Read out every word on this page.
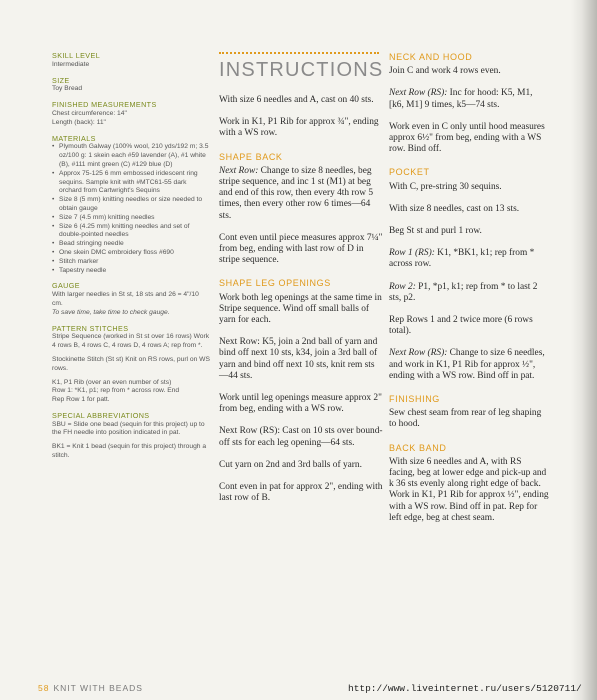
SKILL LEVEL
Intermediate
SIZE
Toy Bread
FINISHED MEASUREMENTS
Chest circumference: 14"
Length (back): 11"
MATERIALS
• Plymouth Galway (100% wool, 210 yds/192 m; 3.5 oz/100 g: 1 skein each #59 lavender (A), #1 white (B), #111 mint green (C) #129 blue (D)
• Approx 75-125 6 mm embossed iridescent ring sequins. Sample knit with #MTC61-55 dark orchard from Cartwright's Sequins
• Size 8 (5 mm) knitting needles or size needed to obtain gauge
• Size 7 (4.5 mm) knitting needles
• Size 6 (4.25 mm) knitting needles and set of double-pointed needles
• Bead stringing needle
• One skein DMC embroidery floss #690
• Stitch marker
• Tapestry needle
GAUGE
With larger needles in St st, 18 sts and 26 = 4"/10 cm.
To save time, take time to check gauge.
PATTERN STITCHES
Stripe Sequence (worked in St st over 16 rows) Work 4 rows B, 4 rows C, 4 rows D, 4 rows A; rep from *.
Stockinette Stitch (St st) Knit on RS rows, purl on WS rows.
K1, P1 Rib (over an even number of sts)
Row 1: *K1, p1; rep from * across row. End
Rep Row 1 for patt.
SPECIAL ABBREVIATIONS
SBU = Slide one bead (sequin for this project) up to the FH needle into position indicated in pat.
BK1 = Knit 1 bead (sequin for this project) through a stitch.
INSTRUCTIONS

With size 6 needles and A, cast on 40 sts.

Work in K1, P1 Rib for approx ¾", ending with a WS row.

SHAPE BACK

Next Row: Change to size 8 needles, beg stripe sequence, and inc 1 st (M1) at beg and end of this row, then every 4th row 5 times, then every other row 6 times—64 sts.

Cont even until piece measures approx 7¼" from beg, ending with last row of D in stripe sequence.

SHAPE LEG OPENINGS

Work both leg openings at the same time in Stripe sequence. Wind off small balls of yarn for each.

Next Row: K5, join a 2nd ball of yarn and bind off next 10 sts, k34, join a 3rd ball of yarn and bind off next 10 sts, knit rem sts—44 sts.

Work until leg openings measure approx 2" from beg, ending with a WS row.

Next Row (RS): Cast on 10 sts over bound-off sts for each leg opening—64 sts.

Cut yarn on 2nd and 3rd balls of yarn.

Cont even in pat for approx 2", ending with last row of B.

NECK AND HOOD

Join C and work 4 rows even.

Next Row (RS): Inc for hood: K5, M1, [k6, M1] 9 times, k5—74 sts.

Work even in C only until hood measures approx 6½" from beg, ending with a WS row. Bind off.

POCKET

With C, pre-string 30 sequins.

With size 8 needles, cast on 13 sts.

Beg St st and purl 1 row.

Row 1 (RS): K1, *BK1, k1; rep from * across row.

Row 2: P1, *p1, k1; rep from * to last 2 sts, p2.

Rep Rows 1 and 2 twice more (6 rows total).

Next Row (RS): Change to size 6 needles, and work in K1, P1 Rib for approx ½", ending with a WS row. Bind off in pat.

FINISHING

Sew chest seam from rear of leg shaping to hood.

BACK BAND

With size 6 needles and A, with RS facing, beg at lower edge and pick-up and k 36 sts evenly along right edge of back. Work in K1, P1 Rib for approx ½", ending with a WS row. Bind off in pat. Rep for left edge, beg at chest seam.

58 KNIT WITH BEADS	http://www.liveinternet.ru/users/5120711/
